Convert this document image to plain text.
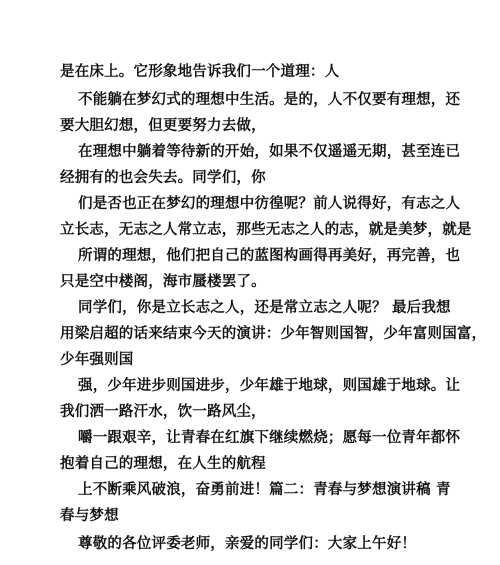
是在床上。它形象地告诉我们一个道理：人
不能躺在梦幻式的理想中生活。是的，人不仅要有理想，还
要大胆幻想，但更要努力去做，
在理想中躺着等待新的开始，如果不仅遥遥无期，甚至连已
经拥有的也会失去。同学们，你
们是否也正在梦幻的理想中彷徨呢？前人说得好，有志之人
立长志，无志之人常立志，那些无志之人的志，就是美梦，就是
所谓的理想，他们把自己的蓝图构画得再美好，再完善，也
只是空中楼阁，海市蜃楼罢了。
同学们，你是立长志之人，还是常立志之人呢？ 最后我想
用梁启超的话来结束今天的演讲：少年智则国智，少年富则国富，
少年强则国
强，少年进步则国进步，少年雄于地球，则国雄于地球。让
我们洒一路汗水，饮一路风尘，
嚼一跟艰辛，让青春在红旗下继续燃烧；愿每一位青年都怀
抱着自己的理想，在人生的航程
上不断乘风破浪，奋勇前进！篇二：青春与梦想演讲稿 青
春与梦想
尊敬的各位评委老师，亲爱的同学们：大家上午好！
